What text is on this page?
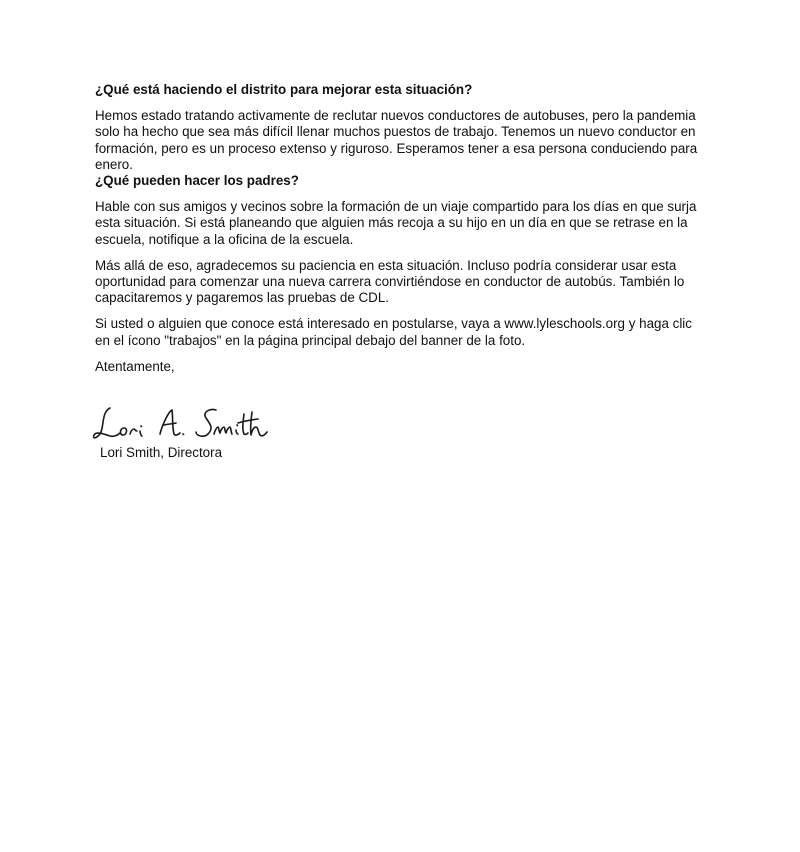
¿Qué está haciendo el distrito para mejorar esta situación?

Hemos estado tratando activamente de reclutar nuevos conductores de autobuses, pero la pandemia solo ha hecho que sea más difícil llenar muchos puestos de trabajo. Tenemos un nuevo conductor en formación, pero es un proceso extenso y riguroso. Esperamos tener a esa persona conduciendo para enero.

¿Qué pueden hacer los padres?

Hable con sus amigos y vecinos sobre la formación de un viaje compartido para los días en que surja esta situación. Si está planeando que alguien más recoja a su hijo en un día en que se retrase en la escuela, notifique a la oficina de la escuela.

Más allá de eso, agradecemos su paciencia en esta situación. Incluso podría considerar usar esta oportunidad para comenzar una nueva carrera convirtiéndose en conductor de autobús. También lo capacitaremos y pagaremos las pruebas de CDL.

Si usted o alguien que conoce está interesado en postularse, vaya a www.lyleschools.org y haga clic en el ícono "trabajos" en la página principal debajo del banner de la foto.

Atentamente,

Lori Smith, Directora
